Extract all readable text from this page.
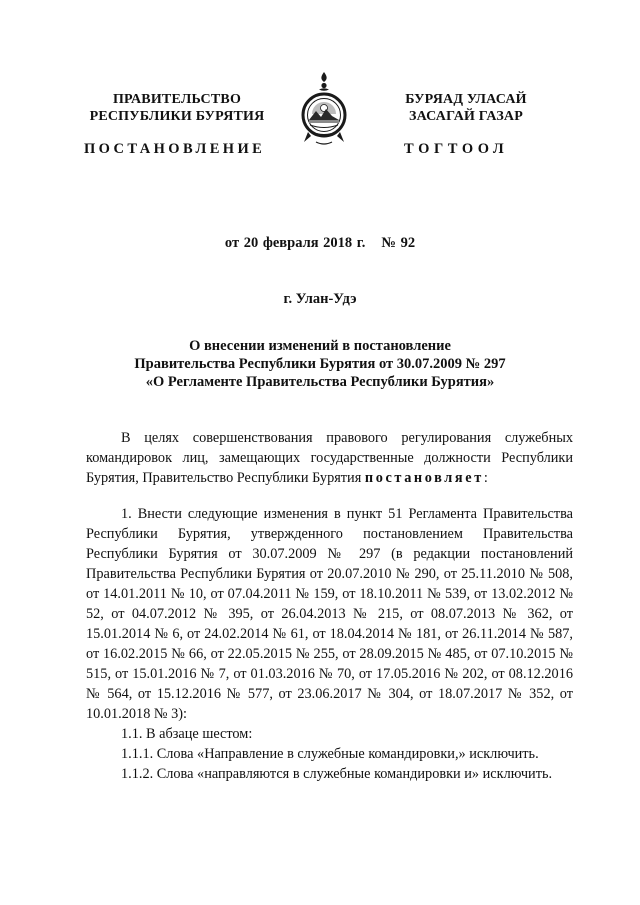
ПРАВИТЕЛЬСТВО
РЕСПУБЛИКИ БУРЯТИЯ
БУРЯАД УЛАСАЙ
ЗАСАГАЙ ГАЗАР
ПОСТАНОВЛЕНИЕ	ТОГТООЛ
от 20 февраля 2018 г. № 92
г. Улан-Удэ
О внесении изменений в постановление
Правительства Республики Бурятия от 30.07.2009 № 297
«О Регламенте Правительства Республики Бурятия»

В целях совершенствования правового регулирования служебных командировок лиц, замещающих государственные должности Республики Бурятия, Правительство Республики Бурятия постановляет:

1. Внести следующие изменения в пункт 51 Регламента Правительства Республики Бурятия, утвержденного постановлением Правительства Республики Бурятия от 30.07.2009 № 297 (в редакции постановлений Правительства Республики Бурятия от 20.07.2010 № 290, от 25.11.2010 № 508, от 14.01.2011 № 10, от 07.04.2011 № 159, от 18.10.2011 № 539, от 13.02.2012 № 52, от 04.07.2012 № 395, от 26.04.2013 № 215, от 08.07.2013 № 362, от 15.01.2014 № 6, от 24.02.2014 № 61, от 18.04.2014 № 181, от 26.11.2014 № 587, от 16.02.2015 № 66, от 22.05.2015 № 255, от 28.09.2015 № 485, от 07.10.2015 № 515, от 15.01.2016 № 7, от 01.03.2016 № 70, от 17.05.2016 № 202, от 08.12.2016 № 564, от 15.12.2016 № 577, от 23.06.2017 № 304, от 18.07.2017 № 352, от 10.01.2018 № 3):

1.1. В абзаце шестом:

1.1.1. Слова «Направление в служебные командировки,» исключить.

1.1.2. Слова «направляются в служебные командировки и» исключить.
